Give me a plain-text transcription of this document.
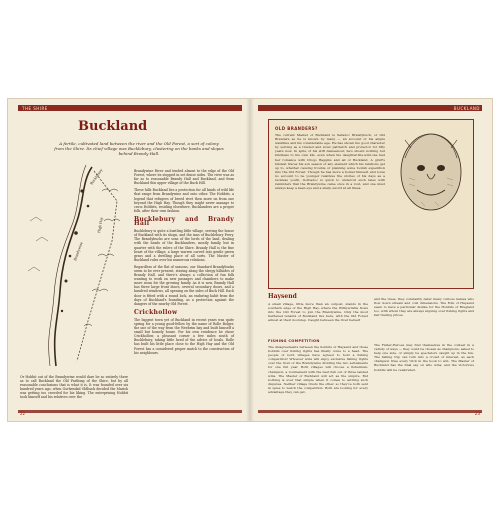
THE SHIRE
Buckland
A fertile, cultivated land between the river and the Old Forest, a sort of colony from the Shire. Its chief village was Bucklebury, clustering on the banks and slopes behind Brandy Hall.
Bucklebury
Brandywine
High Hay

Brandywine River and tended almost to the edge of the Old Forest, where its stopped in set dense sides. The river was as far as to reasonable Brandy Hall and Buckland, and from Buckland this upper village of the Buck Hill.

These hills Buckland lies a protection for all kinds of wild life that range from Brandywine and onto other. The Hobbits, a legend that refugees of breed rivet then more on from one beyond the High Hay. Though they might never manage to cross Hobbits, residing elsewhere, Bucklanders are a proper folk, after their own fashion.

Bucklebury and Brandy Hall

Bucklebury is quite a bustling little village, serving the house of Buckland with its shops, and the inns of Bucklebury Ferry. The Brandybucks are sons of the lords of the land, dealing with the heads of the Bucklanders, mostly family, but in quarter with the rulers of the Shire. Brandy Hall is the fine heart of the village, a large warren carved into gentle green grass and a dwelling place of all sorts. The Master of Buckland rules over his numerous relations.

Regardless of the flat of seasons, our Standard Brandybucks seem to be ever present, staving along the sleepy hillsides of Brandy Hall, and there's always a collection of fun folk wanting to work on new passages and chambers to make more room for the growing family. As it is now, Brandy Hall has three large front doors, several secondary doors, and a hundred windows, all opening on the sides of Buck Hill. Each door is fitted with a round lock, an enduring habit from the days of Buckland's founding, as a protection against the dangers of the nearby Old Forest.

Crickhollow

The biggest town yet of Buckland in recent years was quite spring for a young good-fellow by the name of Rolle Bolger, the one of the way from the Weebrim bay and built himself a small but homely house. For his own residence he chose Crickhollow, a pleasant corner a few miles south of Bucklebury, taking little heed of the advice of locals. Rolle has built his little place close to the High Hay and the Old Forest has a considered proper match to the construction of his neighbours.

Or Hobbit out of the Brandywine would dare be so entirely there as to call Buckland the Old Farthing of the Shire, but by all reasonable conclusions that is what it is. It was founded over six hundred years ago, when Gorhendad Oldbuck decided the Marish was getting too crowded for his liking. The enterprising Hobbit took himself and his relatives over the

22
BUCKLAND
OLD BRANDERS?
The current Master of Buckland is Saradoc Brandybuck, or Old Branders as he is known by many — an account of his ample waistline and his considerable age. He has shown his good character by serving as a trusted and stout patriarch and protector for fifty years now. In spite of his stiff demeanour, he's shown nothing but kindness to his own kin, even when his daughter-the-wild-one had her romance with Drogo Baggins and all of Buckland. A gruff's kindest traces his son season of any element which his relations get up to, whether causing trouble or planning some foolish expedition into the Old Forest. Though he has more a homer himself, and loves no account to be younger relatives the stories of his days as a reckless youth, Gorbadoc is quick to undercut such tales with reminders that the Brandywine came once in a rout, and one must always keep a keen eye and a sharp sword at all times.
Haysend
A small village, little more than an outpost, stands in the southern edge of the High Hay, where the Withywindle flows into the Old Forest to join the Brandywine. Only the most hardened tenants of Buckland live here, with the Old Forest almost at their doorstep. Caught between the river herself
and the trees, they constantly deter many curious names who flow down stream and cold dimensions. The Folk of Haysend seem to have a particular dislike for the Hobbits of Bregland too, with whom they are always arguing over fishing rights and fair trading prices.
FISHING COMPETITION
The disagreements between the hobbits of Haysend and those hobbits over fishing rights has finally come to a head. The people of both villages have agreed to hold a fishing competition! Whoever wins will enjoy exclusive fishing rights over the river of the Brandywine dividing the two settlements for one full year. Both villages will choose a fisherman-champion, a tournament with the best fish out of three landed wins. The Master of Buckland will act as the umpire. But nothing is ever that simple when it comes to settling such disputes. Neither village trusts the other, so they've both sent in spies to watch the competition. Both are looking for every advantage they can get.
The Fisher-Heroes may find themselves in the contest in a variety of ways — they could be chosen as champions, asked to help one side, or simply be spectators caught up in the fun. The fishing trip can turn into a crowd of interest, as each champion tries every trick in the book to win. The Master of Buckland has the final say on who wins, and the victorious hobbits will be celebrated.
23
